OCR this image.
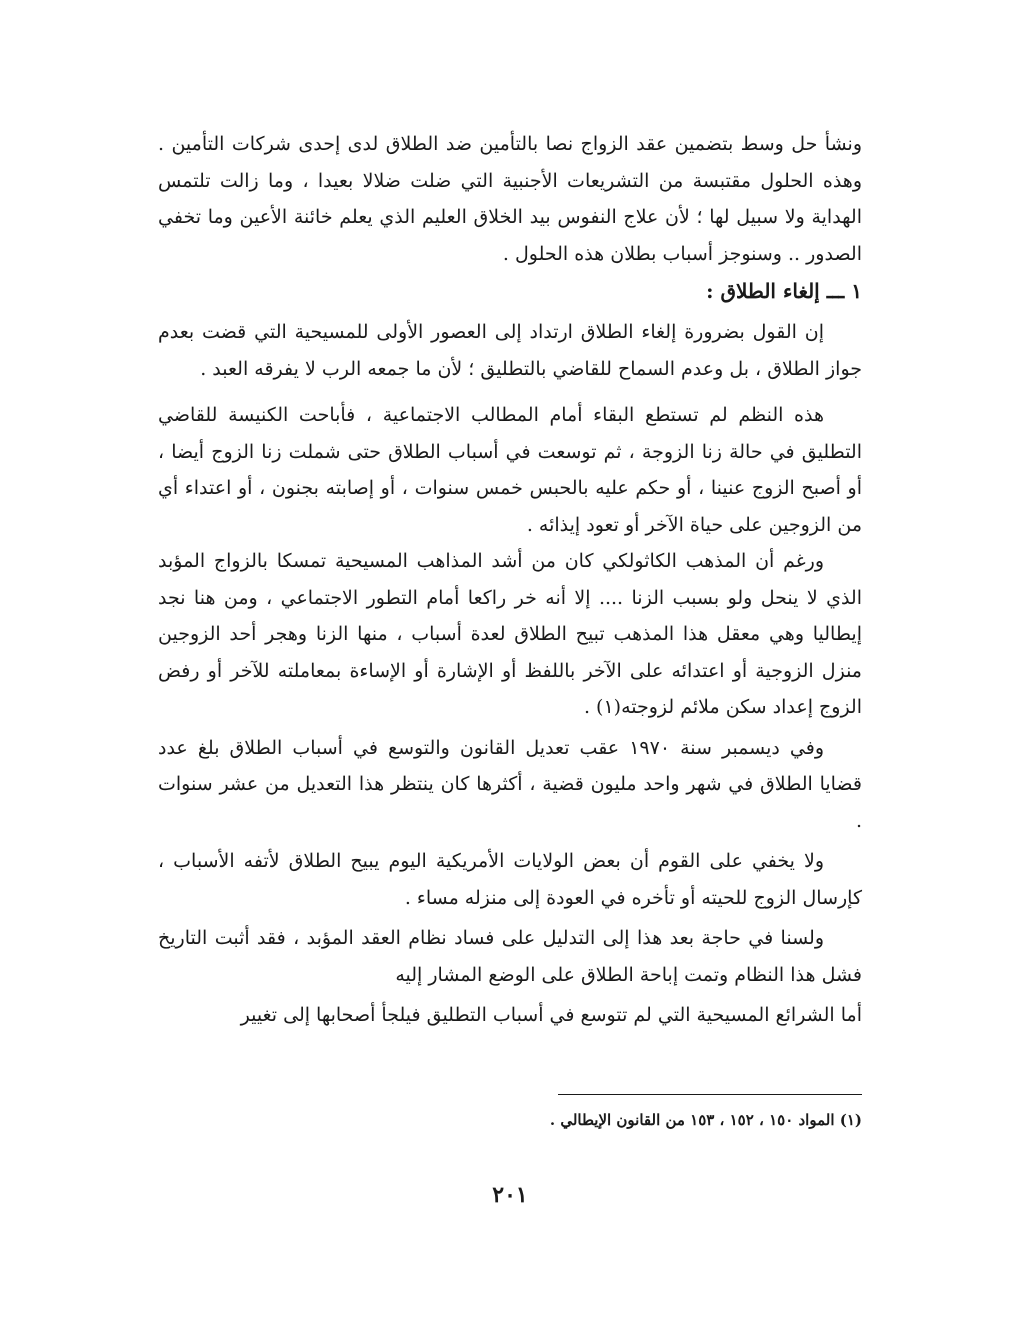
ونشأ حل وسط بتضمين عقد الزواج نصا بالتأمين ضد الطلاق لدى إحدى شركات التأمين . وهذه الحلول مقتبسة من التشريعات الأجنبية التي ضلت ضلالا بعيدا ، وما زالت تلتمس الهداية ولا سبيل لها ؛ لأن علاج النفوس بيد الخلاق العليم الذي يعلم خائنة الأعين وما تخفي الصدور .. وسنوجز أسباب بطلان هذه الحلول .

١ ـــ إلغاء الطلاق :

إن القول بضرورة إلغاء الطلاق ارتداد إلى العصور الأولى للمسيحية التي قضت بعدم جواز الطلاق ، بل وعدم السماح للقاضي بالتطليق ؛ لأن ما جمعه الرب لا يفرقه العبد .

هذه النظم لم تستطع البقاء أمام المطالب الاجتماعية ، فأباحت الكنيسة للقاضي التطليق في حالة زنا الزوجة ، ثم توسعت في أسباب الطلاق حتى شملت زنا الزوج أيضا ، أو أصبح الزوج عنينا ، أو حكم عليه بالحبس خمس سنوات ، أو إصابته بجنون ، أو اعتداء أي من الزوجين على حياة الآخر أو تعود إيذائه .

ورغم أن المذهب الكاثولكي كان من أشد المذاهب المسيحية تمسكا بالزواج المؤبد الذي لا ينحل ولو بسبب الزنا .... إلا أنه خر راكعا أمام التطور الاجتماعي ، ومن هنا نجد إيطاليا وهي معقل هذا المذهب تبيح الطلاق لعدة أسباب ، منها الزنا وهجر أحد الزوجين منزل الزوجية أو اعتدائه على الآخر باللفظ أو الإشارة أو الإساءة بمعاملته للآخر أو رفض الزوج إعداد سكن ملائم لزوجته(١) .

وفي ديسمبر سنة ١٩٧٠ عقب تعديل القانون والتوسع في أسباب الطلاق بلغ عدد قضايا الطلاق في شهر واحد مليون قضية ، أكثرها كان ينتظر هذا التعديل من عشر سنوات .

ولا يخفي على القوم أن بعض الولايات الأمريكية اليوم يبيح الطلاق لأتفه الأسباب ، كإرسال الزوج للحيته أو تأخره في العودة إلى منزله مساء .

ولسنا في حاجة بعد هذا إلى التدليل على فساد نظام العقد المؤبد ، فقد أثبت التاريخ فشل هذا النظام وتمت إباحة الطلاق على الوضع المشار إليه

أما الشرائع المسيحية التي لم تتوسع في أسباب التطليق فيلجأ أصحابها إلى تغيير

(١) المواد ١٥٠ ، ١٥٢ ، ١٥٣ من القانون الإيطالي .
٢٠١
